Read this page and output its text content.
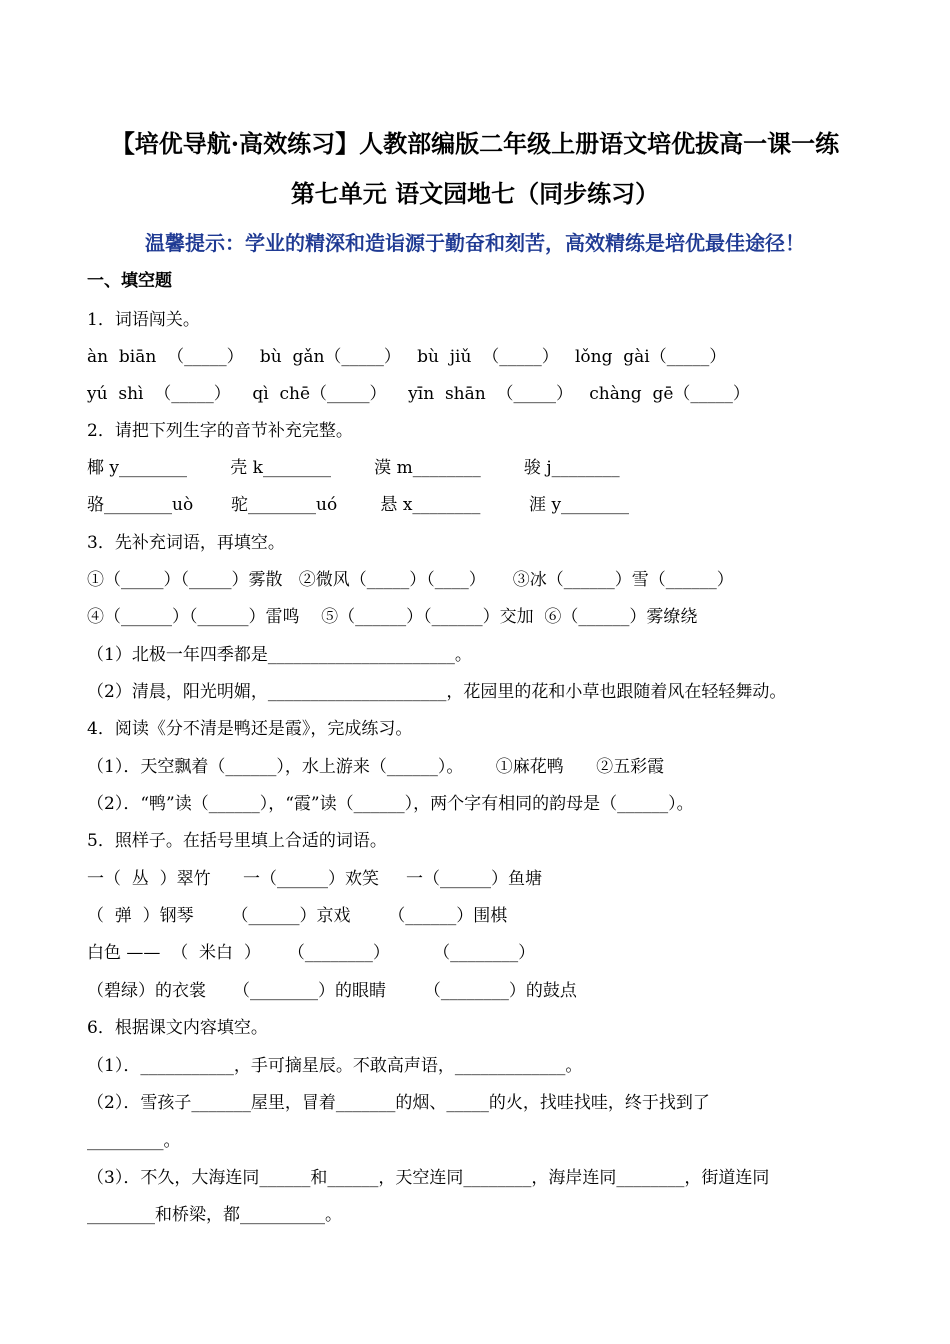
【培优导航·高效练习】人教部编版二年级上册语文培优拔高一课一练
第七单元 语文园地七（同步练习）
温馨提示：学业的精深和造诣源于勤奋和刻苦，高效精练是培优最佳途径！
一、填空题
1．词语闯关。
àn  biān  （_____）   bù  gǎn（_____）   bù  jiǔ  （_____）   lǒng  gài（_____）
yú  shì  （_____）    qì  chē（_____）    yīn  shān  （_____）   chàng  gē（_____）
2．请把下列生字的音节补充完整。
椰 y________        壳 k________        漠 m________        骏 j________
骆________uò       驼________uó        悬 x________         涯 y________
3．先补充词语，再填空。
①（_____）（_____）雾散   ②微风（_____）（____）     ③冰（______）雪（______）
④（______）（______）雷鸣    ⑤（______）（______）交加  ⑥（______）雾缭绕
（1）北极一年四季都是______________________。
（2）清晨，阳光明媚，_____________________，花园里的花和小草也跟随着风在轻轻舞动。
4．阅读《分不清是鸭还是霞》，完成练习。
（1）．天空飘着（______），水上游来（______）。      ①麻花鸭      ②五彩霞
（2）．“鸭”读（______），“霞”读（______），两个字有相同的韵母是（______）。
5．照样子。在括号里填上合适的词语。
一（  丛  ）翠竹      一（______）欢笑     一（______）鱼塘
（  弹  ）钢琴       （______）京戏       （______）围棋
白色 ——  （  米白  ）     （________）        （________）
（碧绿）的衣裳     （________）的眼睛       （________）的鼓点
6．根据课文内容填空。
（1）．___________，手可摘星辰。不敢高声语，_____________。
（2）．雪孩子_______屋里，冒着_______的烟、_____的火，找哇找哇，终于找到了
_________。
（3）．不久，大海连同______和______，天空连同________，海岸连同________，街道连同
________和桥梁，都__________。
